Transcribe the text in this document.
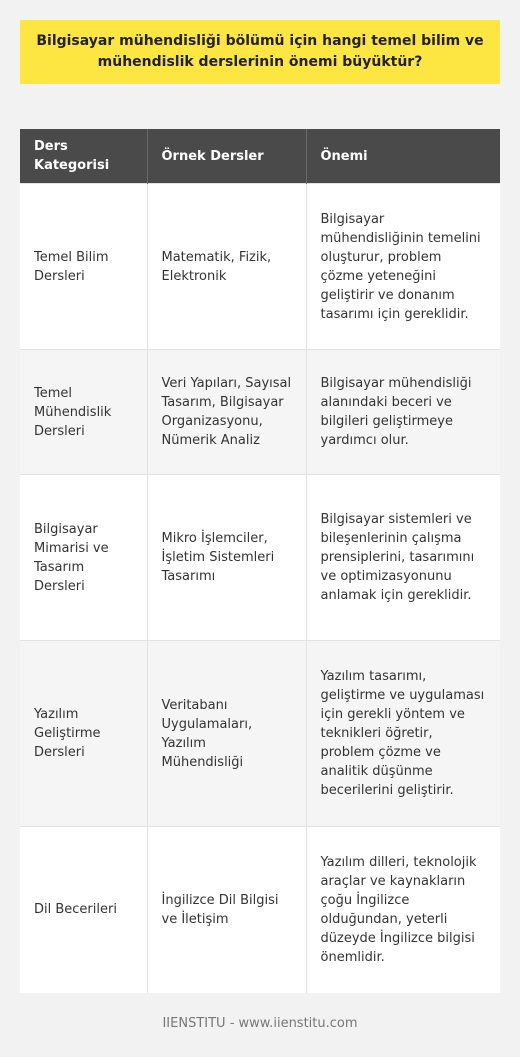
Bilgisayar mühendisliği bölümü için hangi temel bilim ve mühendislik derslerinin önemi büyüktür?
Ders Kategorisi	Örnek Dersler	Önemi
Temel Bilim Dersleri	Matematik, Fizik, Elektronik	Bilgisayar mühendisliğinin temelini oluşturur, problem çözme yeteneğini geliştirir ve donanım tasarımı için gereklidir.
Temel Mühendislik Dersleri	Veri Yapıları, Sayısal Tasarım, Bilgisayar Organizasyonu, Nümerik Analiz	Bilgisayar mühendisliği alanındaki beceri ve bilgileri geliştirmeye yardımcı olur.
Bilgisayar Mimarisi ve Tasarım Dersleri	Mikro İşlemciler, İşletim Sistemleri Tasarımı	Bilgisayar sistemleri ve bileşenlerinin çalışma prensiplerini, tasarımını ve optimizasyonunu anlamak için gereklidir.
Yazılım Geliştirme Dersleri	Veritabanı Uygulamaları, Yazılım Mühendisliği	Yazılım tasarımı, geliştirme ve uygulaması için gerekli yöntem ve teknikleri öğretir, problem çözme ve analitik düşünme becerilerini geliştirir.
Dil Becerileri	İngilizce Dil Bilgisi ve İletişim	Yazılım dilleri, teknolojik araçlar ve kaynakların çoğu İngilizce olduğundan, yeterli düzeyde İngilizce bilgisi önemlidir.
IIENSTITU - www.iienstitu.com
